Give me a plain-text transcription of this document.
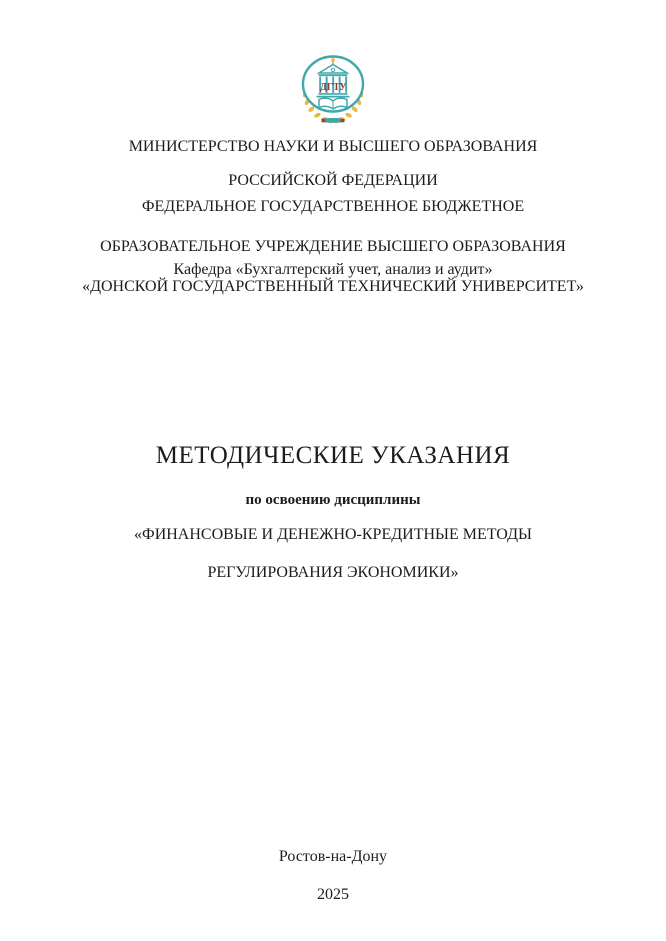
Д Г Т У

МИНИСТЕРСТВО НАУКИ И ВЫСШЕГО ОБРАЗОВАНИЯ

РОССИЙСКОЙ ФЕДЕРАЦИИ

ФЕДЕРАЛЬНОЕ ГОСУДАРСТВЕННОЕ БЮДЖЕТНОЕ

ОБРАЗОВАТЕЛЬНОЕ УЧРЕЖДЕНИЕ ВЫСШЕГО ОБРАЗОВАНИЯ

«ДОНСКОЙ ГОСУДАРСТВЕННЫЙ ТЕХНИЧЕСКИЙ УНИВЕРСИТЕТ»

Кафедра «Бухгалтерский учет, анализ и аудит»
МЕТОДИЧЕСКИЕ УКАЗАНИЯ
по освоению дисциплины

«ФИНАНСОВЫЕ И ДЕНЕЖНО-КРЕДИТНЫЕ МЕТОДЫ

РЕГУЛИРОВАНИЯ ЭКОНОМИКИ»

Ростов-на-Дону

2025
